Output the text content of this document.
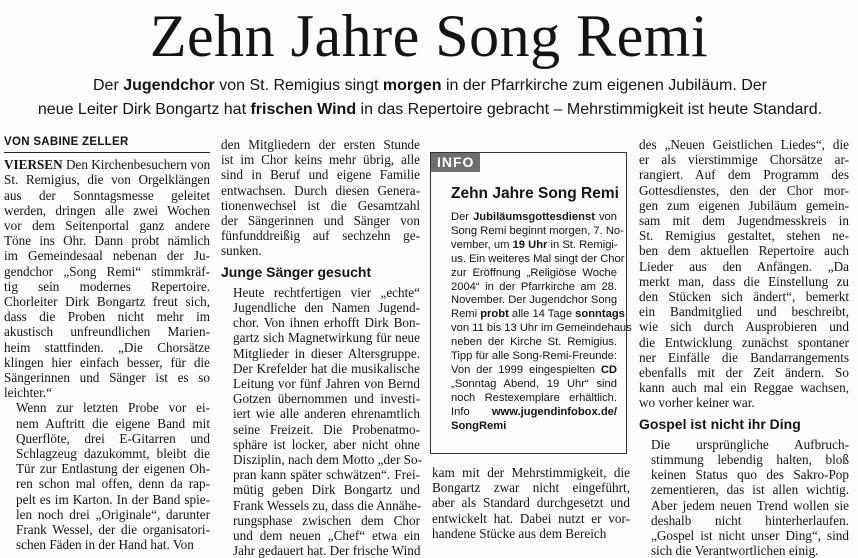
Zehn Jahre Song Remi

Der Jugendchor von St. Remigius singt morgen in der Pfarrkirche zum eigenen Jubiläum. Der

neue Leiter Dirk Bongartz hat frischen Wind in das Repertoire gebracht – Mehrstimmigkeit ist heute Standard.

VON SABINE ZELLER

VIERSEN Den Kirchenbesuchern von
St. Remigius, die von Orgelklängen
aus der Sonntagsmesse geleitet
werden, dringen alle zwei Wochen
vor dem Seitenportal ganz andere
Töne ins Ohr. Dann probt nämlich
im Gemeindesaal nebenan der Ju-
gendchor „Song Remi“ stimmkräf-
tig sein modernes Repertoire.
Chorleiter Dirk Bongartz freut sich,
dass die Proben nicht mehr im
akustisch unfreundlichen Marien-
heim stattfinden. „Die Chorsätze
klingen hier einfach besser, für die
Sängerinnen und Sänger ist es so
leichter.“

Wenn zur letzten Probe vor ei-
nem Auftritt die eigene Band mit
Querflöte, drei E-Gitarren und
Schlagzeug dazukommt, bleibt die
Tür zur Entlastung der eigenen Oh-
ren schon mal offen, denn da rap-
pelt es im Karton. In der Band spie-
len noch drei „Originale“, darunter
Frank Wessel, der die organisatori-
schen Fäden in der Hand hat. Von

den Mitgliedern der ersten Stunde
ist im Chor keins mehr übrig, alle
sind in Beruf und eigene Familie
entwachsen. Durch diesen Genera-
tionenwechsel ist die Gesamtzahl
der Sängerinnen und Sänger von
fünfunddreißig auf sechzehn ge-
sunken.

Junge Sänger gesucht

Heute rechtfertigen vier „echte“
Jugendliche den Namen Jugend-
chor. Von ihnen erhofft Dirk Bon-
gartz sich Magnetwirkung für neue
Mitglieder in dieser Altersgruppe.
Der Krefelder hat die musikalische
Leitung vor fünf Jahren von Bernd
Gotzen übernommen und investi-
iert wie alle anderen ehrenamtlich
seine Freizeit. Die Probenatmo-
sphäre ist locker, aber nicht ohne
Disziplin, nach dem Motto „der So-
pran kann später schwätzen“. Frei-
mütig geben Dirk Bongartz und
Frank Wessels zu, dass die Annähe-
rungsphase zwischen dem Chor
und dem neuen „Chef“ etwa ein
Jahr gedauert hat. Der frische Wind

INFO
Zehn Jahre Song Remi
Der Jubiläumsgottesdienst von
Song Remi beginnt morgen, 7. No-
vember, um 19 Uhr in St. Remigi-
us. Ein weiteres Mal singt der Chor
zur Eröffnung „Religiöse Woche
2004“ in der Pfarrkirche am 28.
November. Der Jugendchor Song
Remi probt alle 14 Tage sonntags
von 11 bis 13 Uhr im Gemeindehaus
neben der Kirche St. Remigius.
Tipp für alle Song-Remi-Freunde:
Von der 1999 eingespielten CD
„Sonntag Abend, 19 Uhr“ sind
noch Restexemplare erhältlich.
Info www.jugendinfobox.de/
SongRemi

kam mit der Mehrstimmigkeit, die
Bongartz zwar nicht eingeführt,
aber als Standard durchgesetzt und
entwickelt hat. Dabei nutzt er vor-
handene Stücke aus dem Bereich

des „Neuen Geistlichen Liedes“, die
er als vierstimmige Chorsätze ar-
rangiert. Auf dem Programm des
Gottesdienstes, den der Chor mor-
gen zum eigenen Jubiläum gemein-
sam mit dem Jugendmesskreis in
St. Remigius gestaltet, stehen ne-
ben dem aktuellen Repertoire auch
Lieder aus den Anfängen. „Da
merkt man, dass die Einstellung zu
den Stücken sich ändert“, bemerkt
ein Bandmitglied und beschreibt,
wie sich durch Ausprobieren und
die Entwicklung zunächst spontaner
ner Einfälle die Bandarrangements
ebenfalls mit der Zeit ändern. So
kann auch mal ein Reggae wachsen,
wo vorher keiner war.

Gospel ist nicht ihr Ding

Die ursprüngliche Aufbruch-
stimmung lebendig halten, bloß
keinen Status quo des Sakro-Pop
zementieren, das ist allen wichtig.
Aber jedem neuen Trend wollen sie
deshalb nicht hinterherlaufen.
„Gospel ist nicht unser Ding“, sind
sich die Verantwortlichen einig.
